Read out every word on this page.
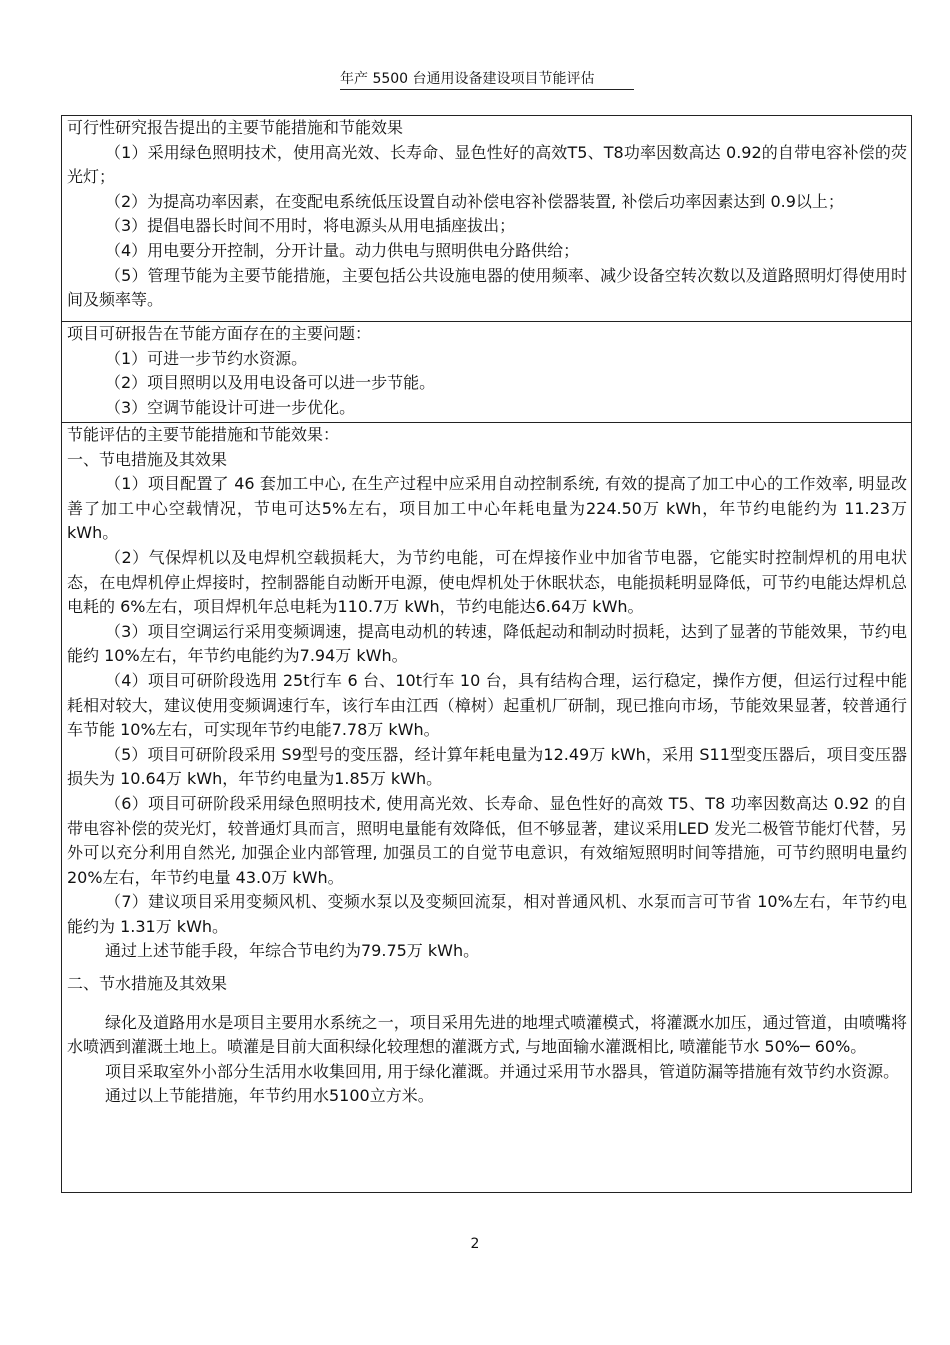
年产 5500 台通用设备建设项目节能评估
可行性研究报告提出的主要节能措施和节能效果
（1）采用绿色照明技术，使用高光效、长寿命、显色性好的高效T5、T8功率因数高达 0.92的自带电容补偿的荧光灯；
（2）为提高功率因素，在变配电系统低压设置自动补偿电容补偿器装置, 补偿后功率因素达到 0.9以上；
（3）提倡电器长时间不用时，将电源头从用电插座拔出；
（4）用电要分开控制，分开计量。动力供电与照明供电分路供给；
（5）管理节能为主要节能措施，主要包括公共设施电器的使用频率、减少设备空转次数以及道路照明灯得使用时间及频率等。
项目可研报告在节能方面存在的主要问题：
（1）可进一步节约水资源。
（2）项目照明以及用电设备可以进一步节能。
（3）空调节能设计可进一步优化。
节能评估的主要节能措施和节能效果：
一、节电措施及其效果
（1）项目配置了 46 套加工中心, 在生产过程中应采用自动控制系统, 有效的提高了加工中心的工作效率, 明显改善了加工中心空载情况，节电可达5%左右，项目加工中心年耗电量为224.50万 kWh，年节约电能约为 11.23万 kWh。
（2）气保焊机以及电焊机空载损耗大，为节约电能，可在焊接作业中加省节电器，它能实时控制焊机的用电状态，在电焊机停止焊接时，控制器能自动断开电源，使电焊机处于休眠状态，电能损耗明显降低，可节约电能达焊机总电耗的 6%左右，项目焊机年总电耗为110.7万 kWh，节约电能达6.64万 kWh。
（3）项目空调运行采用变频调速，提高电动机的转速，降低起动和制动时损耗，达到了显著的节能效果，节约电能约 10%左右，年节约电能约为7.94万 kWh。
（4）项目可研阶段选用 25t行车 6 台、10t行车 10 台，具有结构合理，运行稳定，操作方便，但运行过程中能耗相对较大，建议使用变频调速行车，该行车由江西（樟树）起重机厂研制，现已推向市场，节能效果显著，较普通行车节能 10%左右，可实现年节约电能7.78万 kWh。
（5）项目可研阶段采用 S9型号的变压器，经计算年耗电量为12.49万 kWh，采用 S11型变压器后，项目变压器损失为 10.64万 kWh，年节约电量为1.85万 kWh。
（6）项目可研阶段采用绿色照明技术, 使用高光效、长寿命、显色性好的高效 T5、T8 功率因数高达 0.92 的自带电容补偿的荧光灯，较普通灯具而言，照明电量能有效降低，但不够显著，建议采用LED 发光二极管节能灯代替，另外可以充分利用自然光, 加强企业内部管理, 加强员工的自觉节电意识，有效缩短照明时间等措施，可节约照明电量约 20%左右，年节约电量 43.0万 kWh。
（7）建议项目采用变频风机、变频水泵以及变频回流泵，相对普通风机、水泵而言可节省 10%左右，年节约电能约为 1.31万 kWh。
通过上述节能手段，年综合节电约为79.75万 kWh。
二、节水措施及其效果
绿化及道路用水是项目主要用水系统之一，项目采用先进的地埋式喷灌模式，将灌溉水加压，通过管道，由喷嘴将水喷洒到灌溉土地上。喷灌是目前大面积绿化较理想的灌溉方式, 与地面输水灌溉相比, 喷灌能节水 50%─ 60%。
项目采取室外小部分生活用水收集回用, 用于绿化灌溉。并通过采用节水器具，管道防漏等措施有效节约水资源。
通过以上节能措施，年节约用水5100立方米。
2
